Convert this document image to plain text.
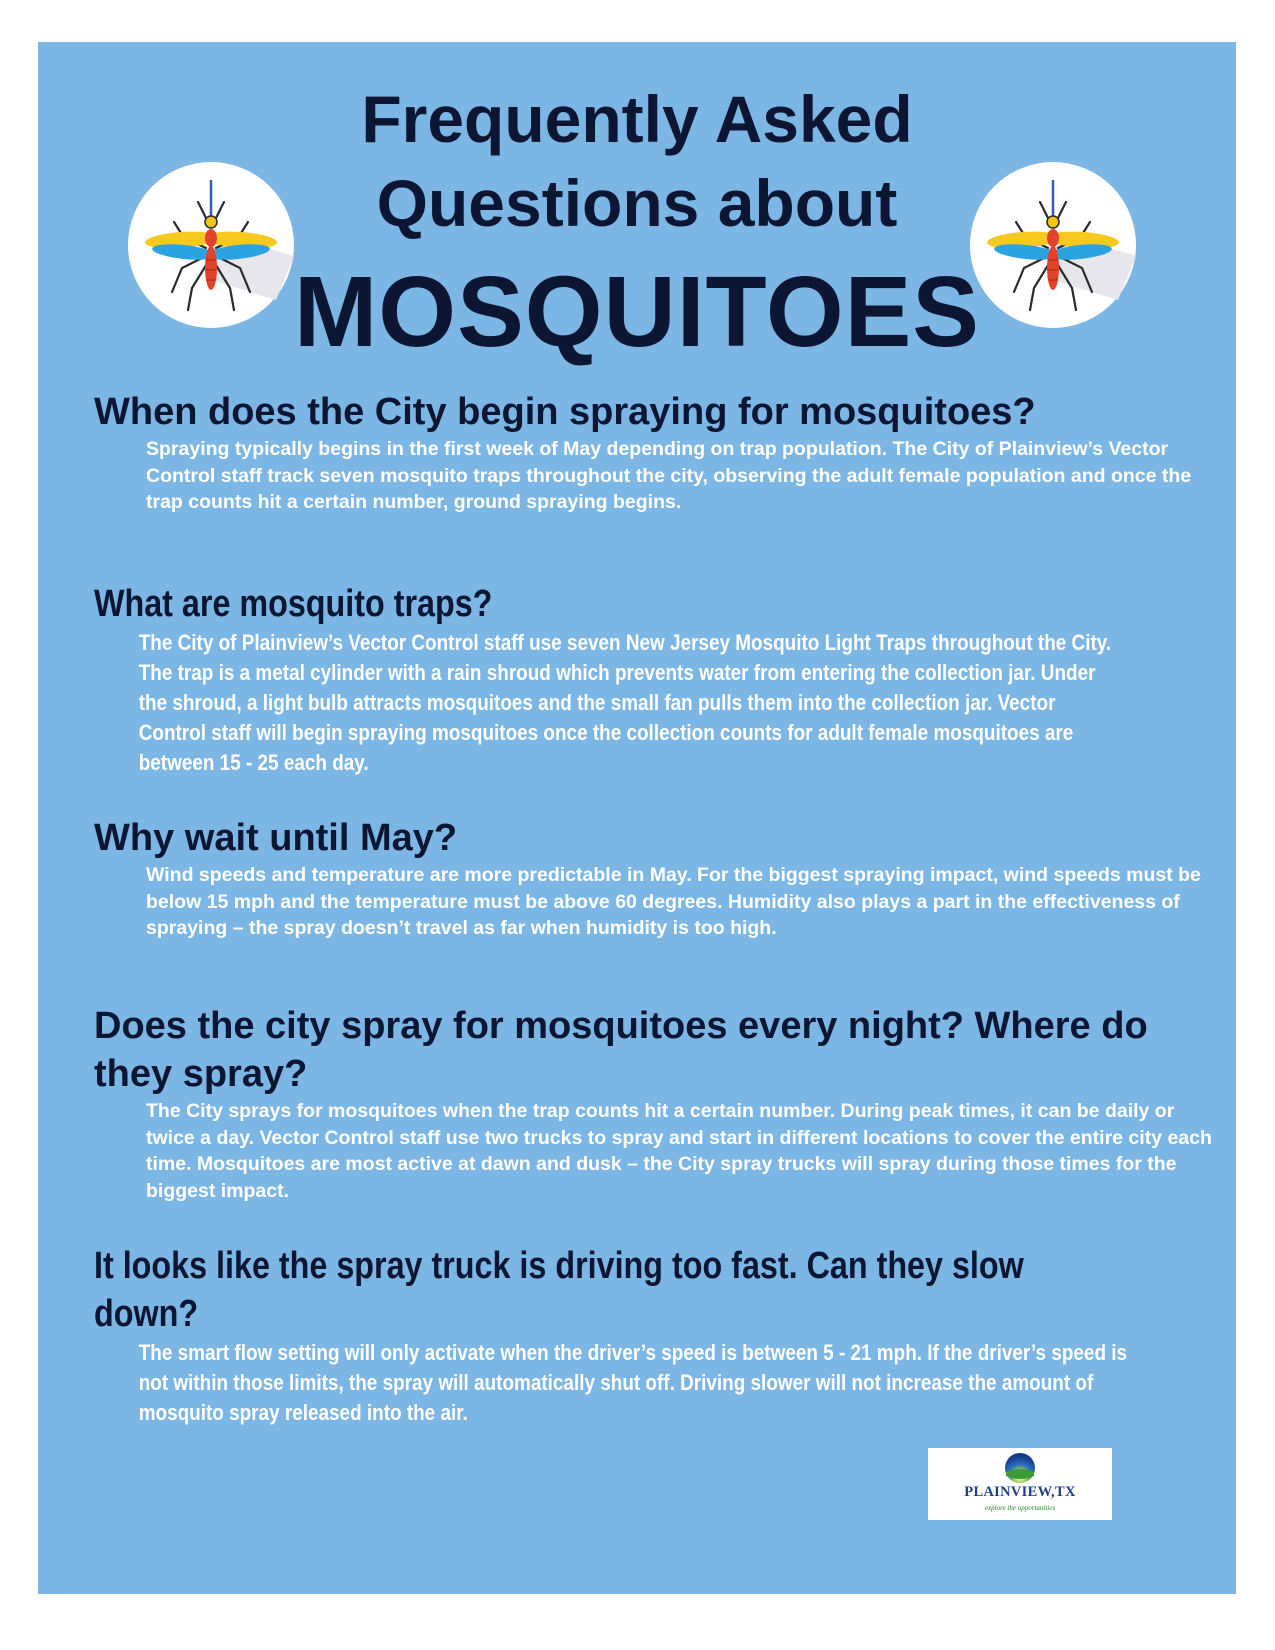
Frequently Asked
Questions about
MOSQUITOES

When does the City begin spraying for mosquitoes?

Spraying typically begins in the first week of May depending on trap population. The City of Plainview’s Vector Control staff track seven mosquito traps throughout the city, observing the adult female population and once the trap counts hit a certain number, ground spraying begins.

What are mosquito traps?

The City of Plainview’s Vector Control staff use seven New Jersey Mosquito Light Traps throughout the City. The trap is a metal cylinder with a rain shroud which prevents water from entering the collection jar. Under the shroud, a light bulb attracts mosquitoes and the small fan pulls them into the collection jar. Vector Control staff will begin spraying mosquitoes once the collection counts for adult female mosquitoes are between 15 - 25 each day.

Why wait until May?

Wind speeds and temperature are more predictable in May. For the biggest spraying impact, wind speeds must be below 15 mph and the temperature must be above 60 degrees. Humidity also plays a part in the effectiveness of spraying – the spray doesn’t travel as far when humidity is too high.

Does the city spray for mosquitoes every night? Where do they spray?

The City sprays for mosquitoes when the trap counts hit a certain number. During peak times, it can be daily or twice a day. Vector Control staff use two trucks to spray and start in different locations to cover the entire city each time. Mosquitoes are most active at dawn and dusk – the City spray trucks will spray during those times for the biggest impact.

It looks like the spray truck is driving too fast. Can they slow down?

The smart flow setting will only activate when the driver’s speed is between 5 - 21 mph. If the driver’s speed is not within those limits, the spray will automatically shut off. Driving slower will not increase the amount of mosquito spray released into the air.

PLAINVIEW,TX
explore the opportunities
